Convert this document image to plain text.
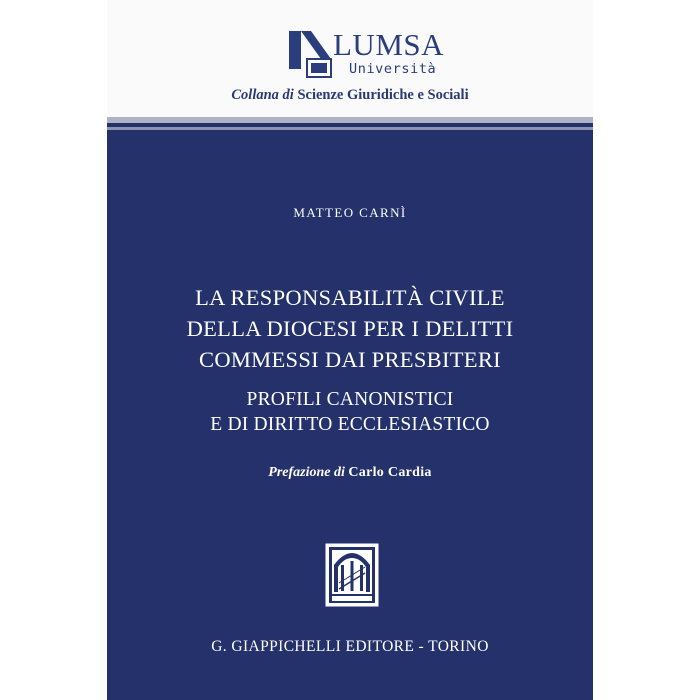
LUMSA
Università
Collana di Scienze Giuridiche e Sociali
MATTEO CARNÌ
LA RESPONSABILITÀ CIVILE
DELLA DIOCESI PER I DELITTI
COMMESSI DAI PRESBITERI
PROFILI CANONISTICI
E DI DIRITTO ECCLESIASTICO
Prefazione di Carlo Cardia
G. GIAPPICHELLI EDITORE - TORINO
